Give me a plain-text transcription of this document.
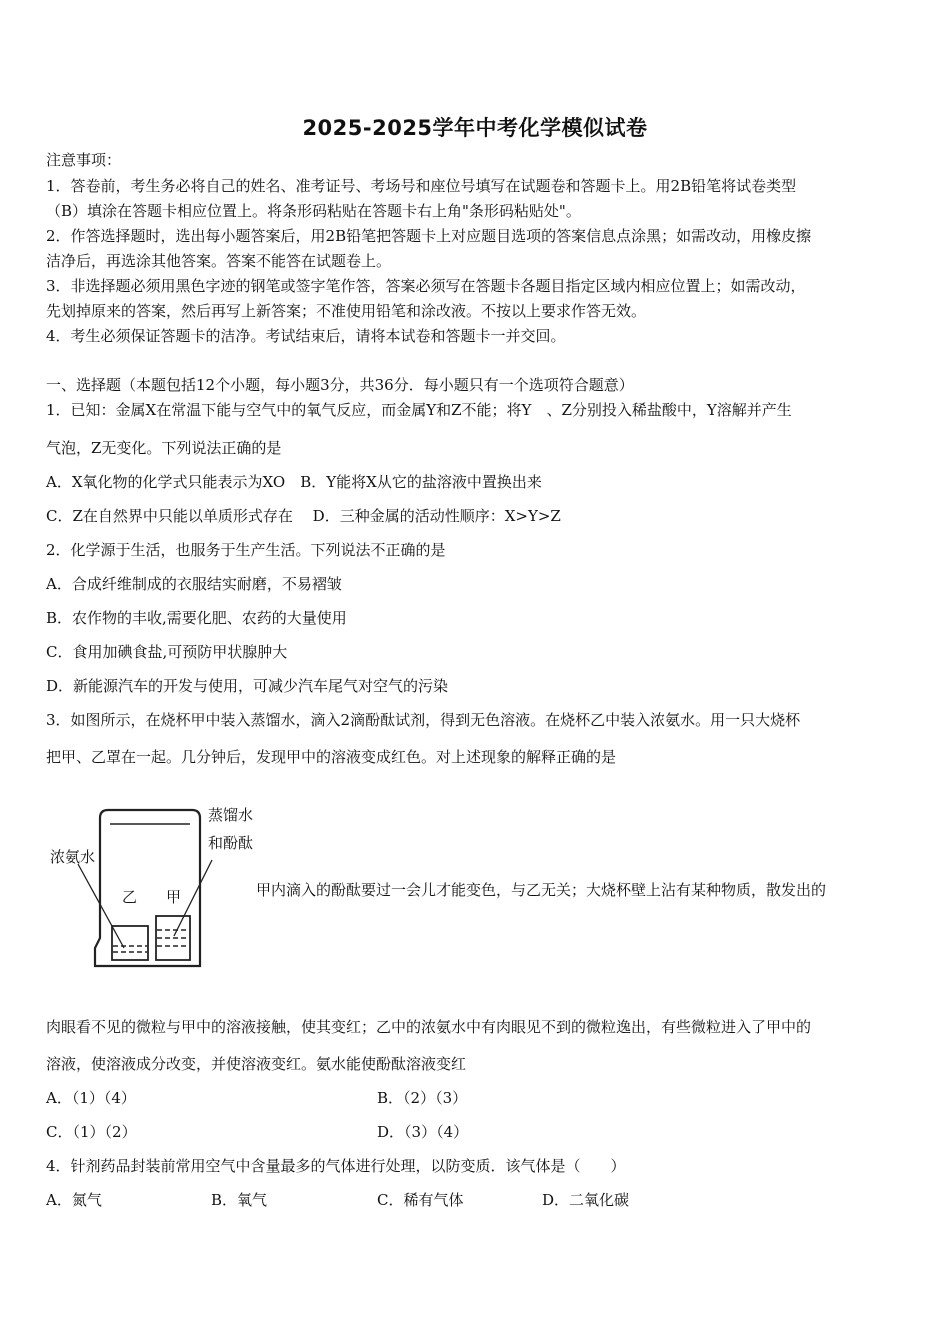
2025-2025学年中考化学模似试卷
注意事项：
1．答卷前，考生务必将自己的姓名、准考证号、考场号和座位号填写在试题卷和答题卡上。用2B铅笔将试卷类型
（B）填涂在答题卡相应位置上。将条形码粘贴在答题卡右上角"条形码粘贴处"。
2．作答选择题时，选出每小题答案后，用2B铅笔把答题卡上对应题目选项的答案信息点涂黑；如需改动，用橡皮擦
洁净后，再选涂其他答案。答案不能答在试题卷上。
3．非选择题必须用黑色字迹的钢笔或签字笔作答，答案必须写在答题卡各题目指定区域内相应位置上；如需改动，
先划掉原来的答案，然后再写上新答案；不准使用铅笔和涂改液。不按以上要求作答无效。
4．考生必须保证答题卡的洁净。考试结束后，请将本试卷和答题卡一并交回。
一、选择题（本题包括12个小题，每小题3分，共36分．每小题只有一个选项符合题意）
1．已知：金属X在常温下能与空气中的氧气反应，而金属Y和Z不能；将Y　、Z分别投入稀盐酸中，Y溶解并产生
气泡，Z无变化。下列说法正确的是
A．X氧化物的化学式只能表示为XO　B．Y能将X从它的盐溶液中置换出来
C．Z在自然界中只能以单质形式存在　 D．三种金属的活动性顺序：X>Y>Z
2．化学源于生活，也服务于生产生活。下列说法不正确的是
A．合成纤维制成的衣服结实耐磨，不易褶皱
B．农作物的丰收,需要化肥、农药的大量使用
C．食用加碘食盐,可预防甲状腺肿大
D．新能源汽车的开发与使用，可减少汽车尾气对空气的污染
3．如图所示，在烧杯甲中装入蒸馏水，滴入2滴酚酞试剂，得到无色溶液。在烧杯乙中装入浓氨水。用一只大烧杯
把甲、乙罩在一起。几分钟后，发现甲中的溶液变成红色。对上述现象的解释正确的是
浓氨水
蒸馏水
和酚酞
乙 甲	甲内滴入的酚酞要过一会儿才能变色，与乙无关；大烧杯壁上沾有某种物质，散发出的
肉眼看不见的微粒与甲中的溶液接触，使其变红；乙中的浓氨水中有肉眼见不到的微粒逸出，有些微粒进入了甲中的
溶液，使溶液成分改变，并使溶液变红。氨水能使酚酞溶液变红
A．（1）（4）	B．（2）（3）
C．（1）（2）	D．（3）（4）
4．针剂药品封装前常用空气中含量最多的气体进行处理，以防变质．该气体是（　　）
A．氮气	B．氧气	C．稀有气体	D．二氧化碳
